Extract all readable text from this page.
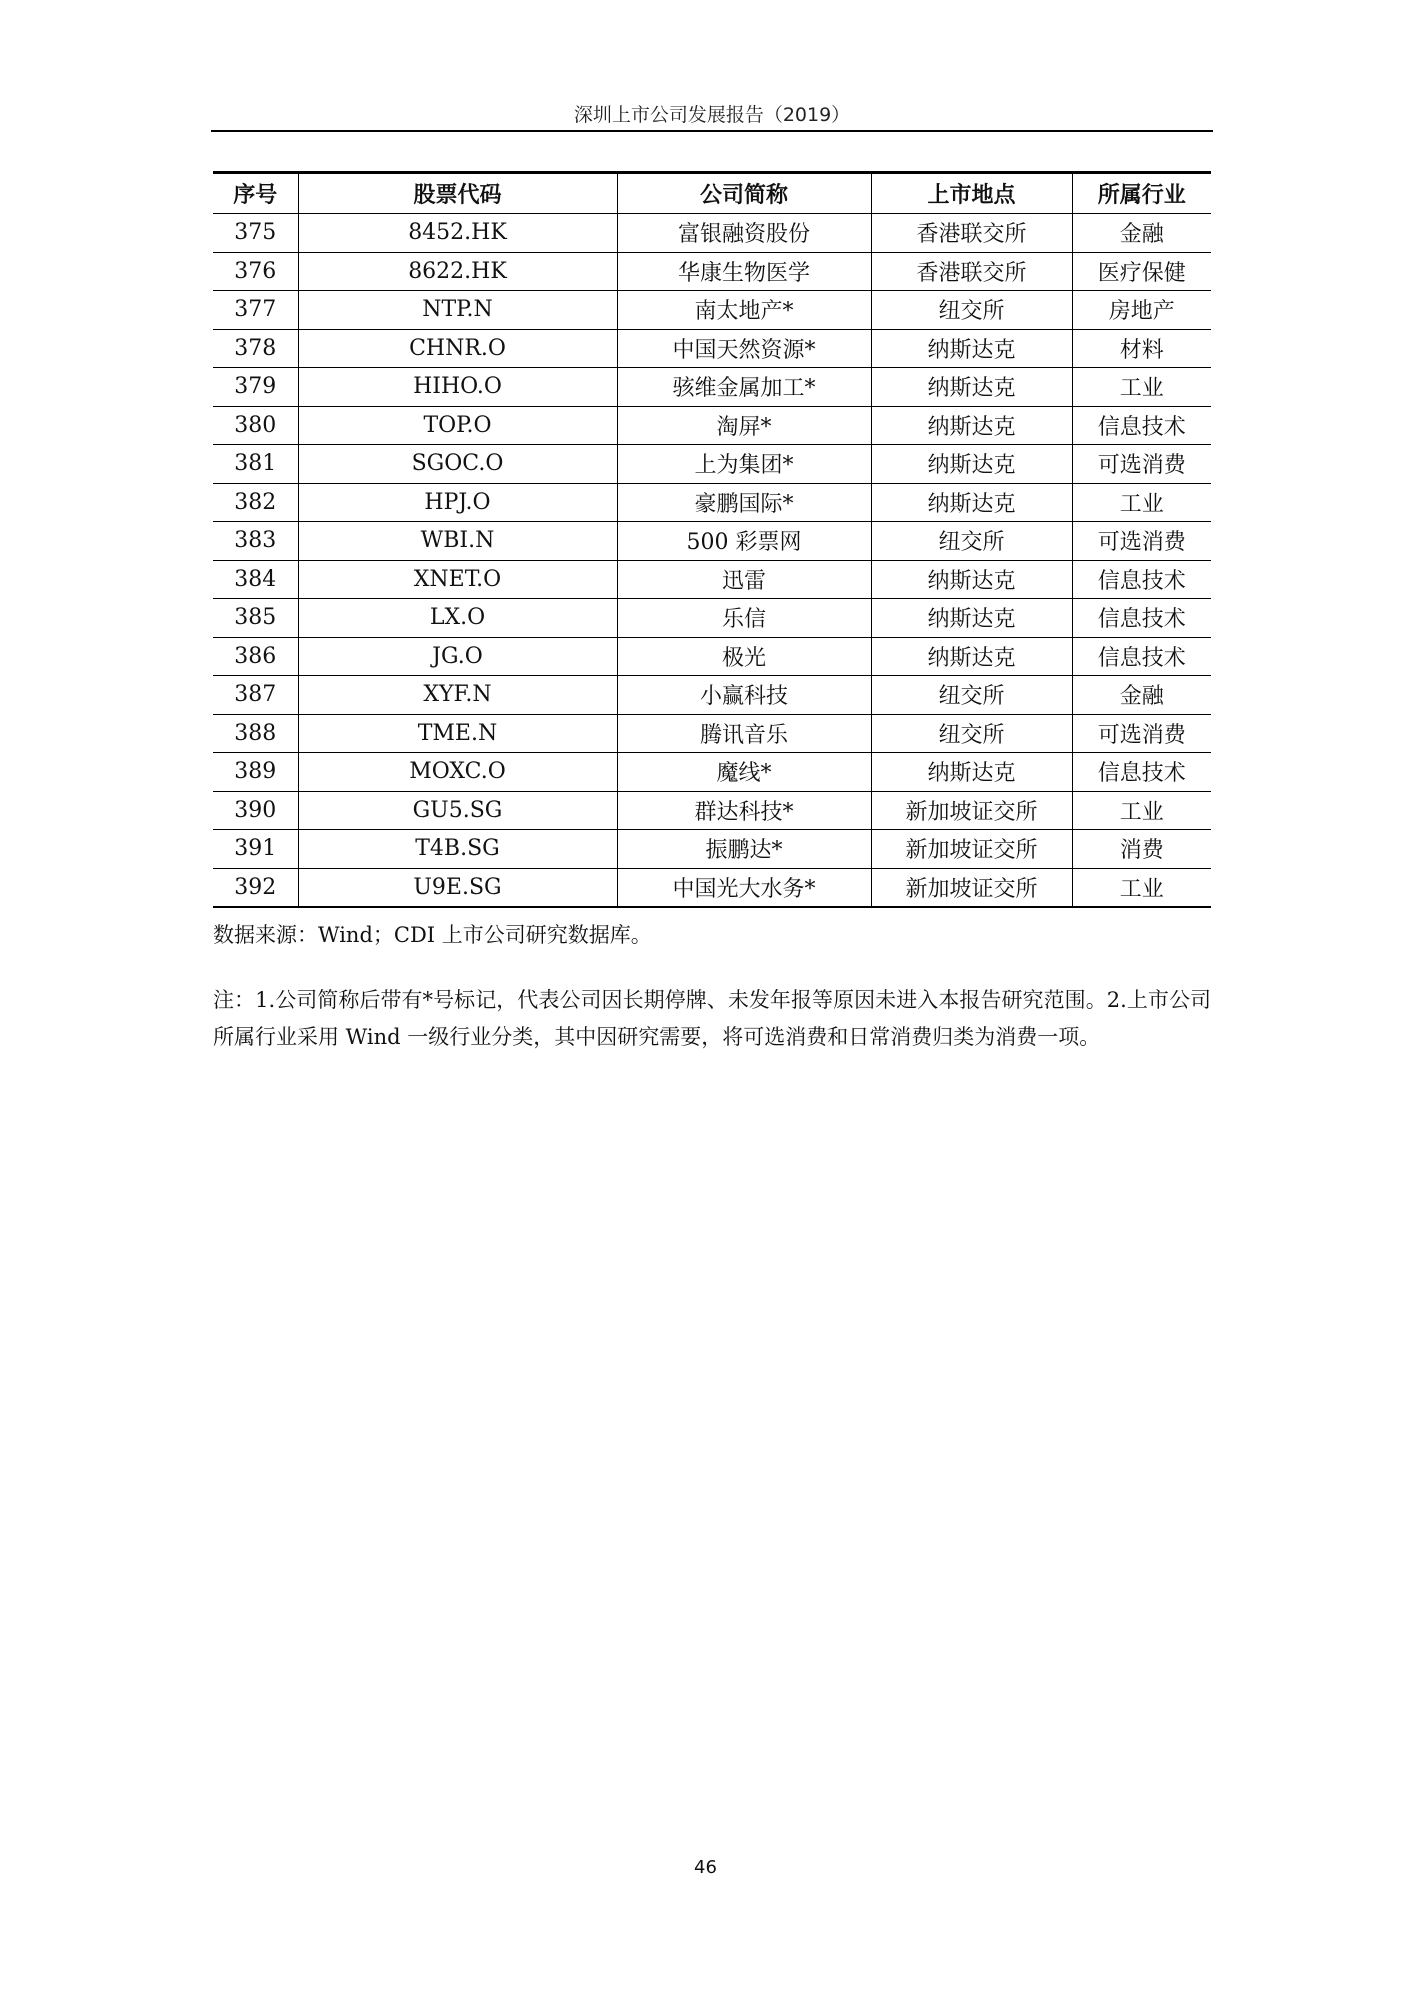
深圳上市公司发展报告（2019）
序号	股票代码	公司简称	上市地点	所属行业
375	8452.HK	富银融资股份	香港联交所	金融
376	8622.HK	华康生物医学	香港联交所	医疗保健
377	NTP.N	南太地产*	纽交所	房地产
378	CHNR.O	中国天然资源*	纳斯达克	材料
379	HIHO.O	骇维金属加工*	纳斯达克	工业
380	TOP.O	淘屏*	纳斯达克	信息技术
381	SGOC.O	上为集团*	纳斯达克	可选消费
382	HPJ.O	豪鹏国际*	纳斯达克	工业
383	WBI.N	500 彩票网	纽交所	可选消费
384	XNET.O	迅雷	纳斯达克	信息技术
385	LX.O	乐信	纳斯达克	信息技术
386	JG.O	极光	纳斯达克	信息技术
387	XYF.N	小赢科技	纽交所	金融
388	TME.N	腾讯音乐	纽交所	可选消费
389	MOXC.O	魔线*	纳斯达克	信息技术
390	GU5.SG	群达科技*	新加坡证交所	工业
391	T4B.SG	振鹏达*	新加坡证交所	消费
392	U9E.SG	中国光大水务*	新加坡证交所	工业
数据来源：Wind；CDI 上市公司研究数据库。
注：1.公司简称后带有*号标记，代表公司因长期停牌、未发年报等原因未进入本报告研究范围。2.上市公司所属行业采用 Wind 一级行业分类，其中因研究需要，将可选消费和日常消费归类为消费一项。
46
